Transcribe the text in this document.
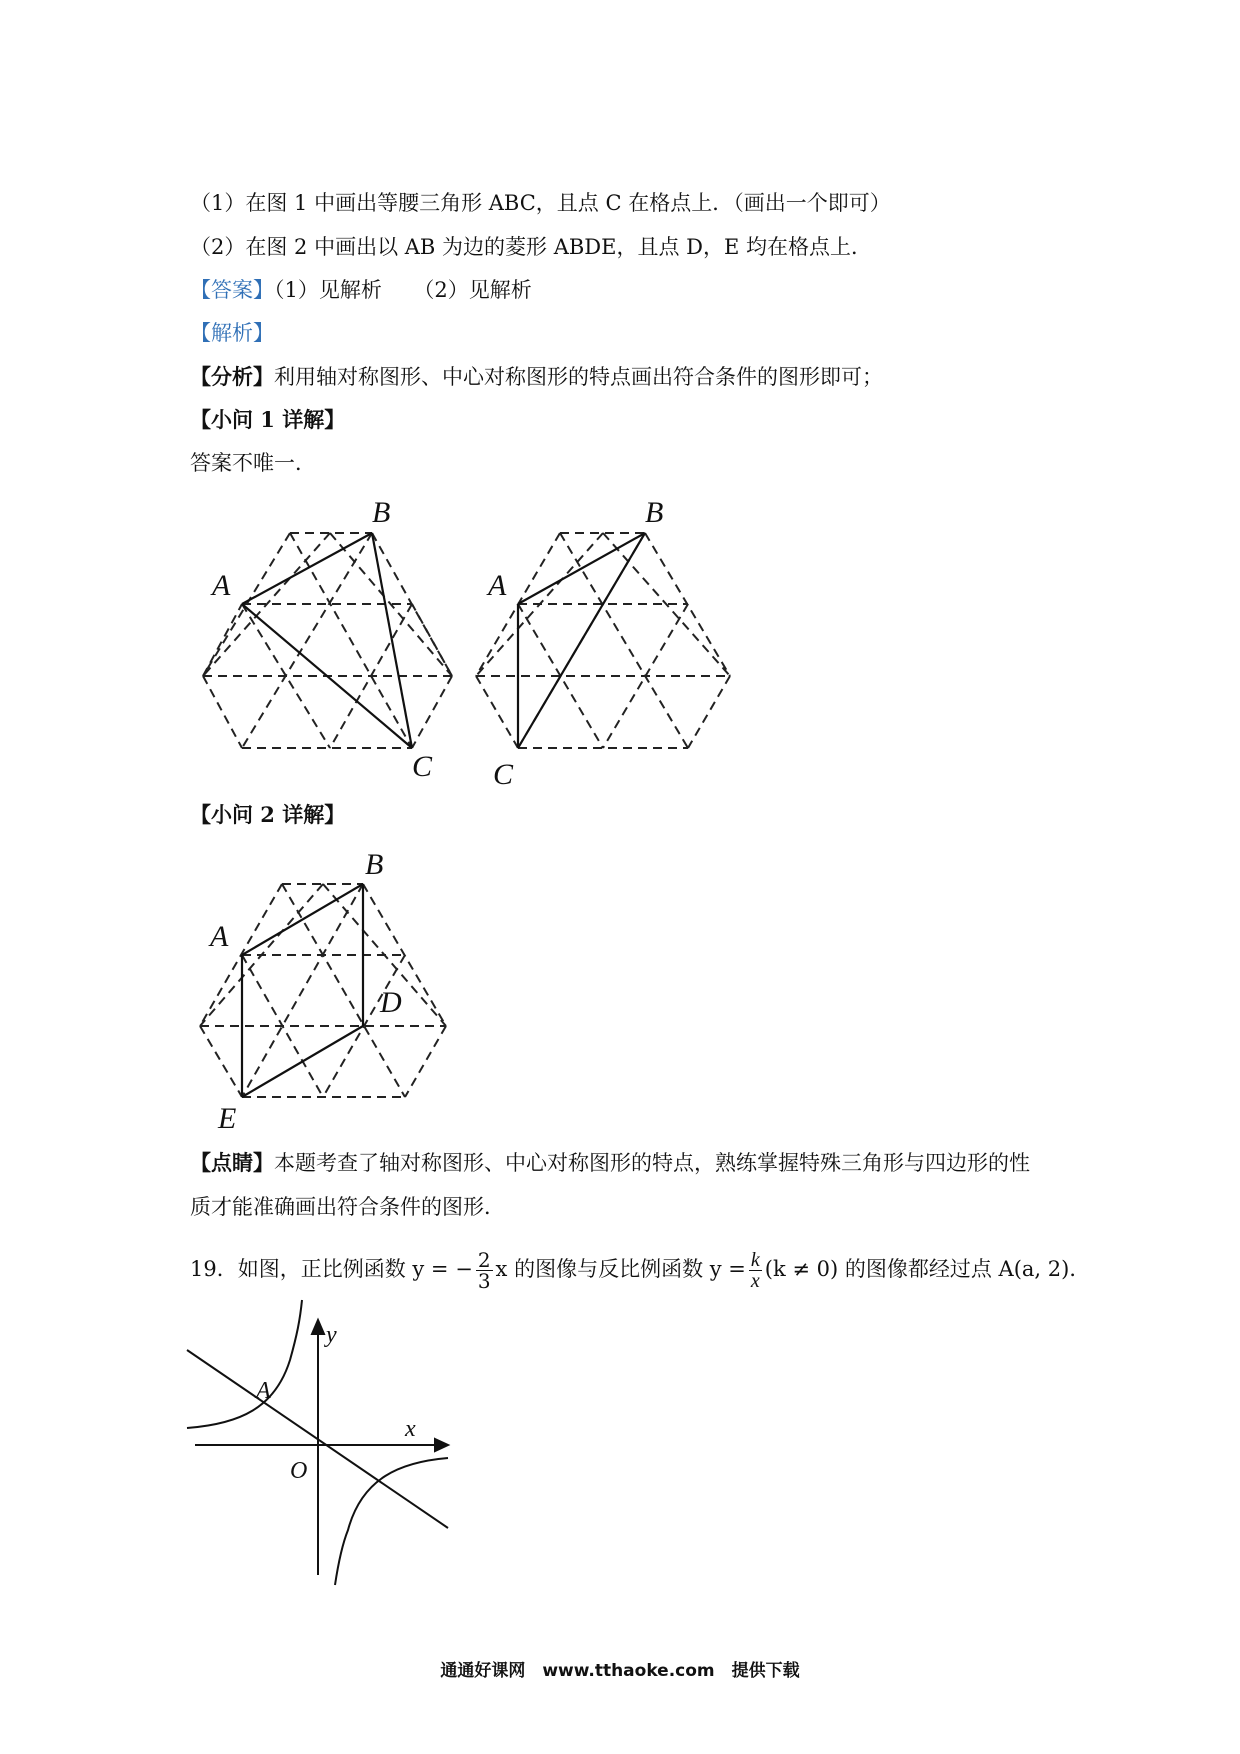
（1）在图 1 中画出等腰三角形 ABC，且点 C 在格点上．（画出一个即可）
（2）在图 2 中画出以 AB 为边的菱形 ABDE，且点 D，E 均在格点上．
【答案】（1）见解析　　（2）见解析
【解析】
【分析】利用轴对称图形、中心对称图形的特点画出符合条件的图形即可；
【小问 1 详解】
答案不唯一．
A
B
C
A
B
C
【小问 2 详解】
A
B
D
E
【点睛】本题考查了轴对称图形、中心对称图形的特点，熟练掌握特殊三角形与四边形的性
质才能准确画出符合条件的图形．
19．如图，正比例函数 y = − $\frac{2}{3}$ x 的图像与反比例函数 $y = \frac{k}{x} (k \ne 0)$ 的图像都经过点 A(a, 2)．
A
O
x
y
通通好课网　www.tthaoke.com　提供下载
